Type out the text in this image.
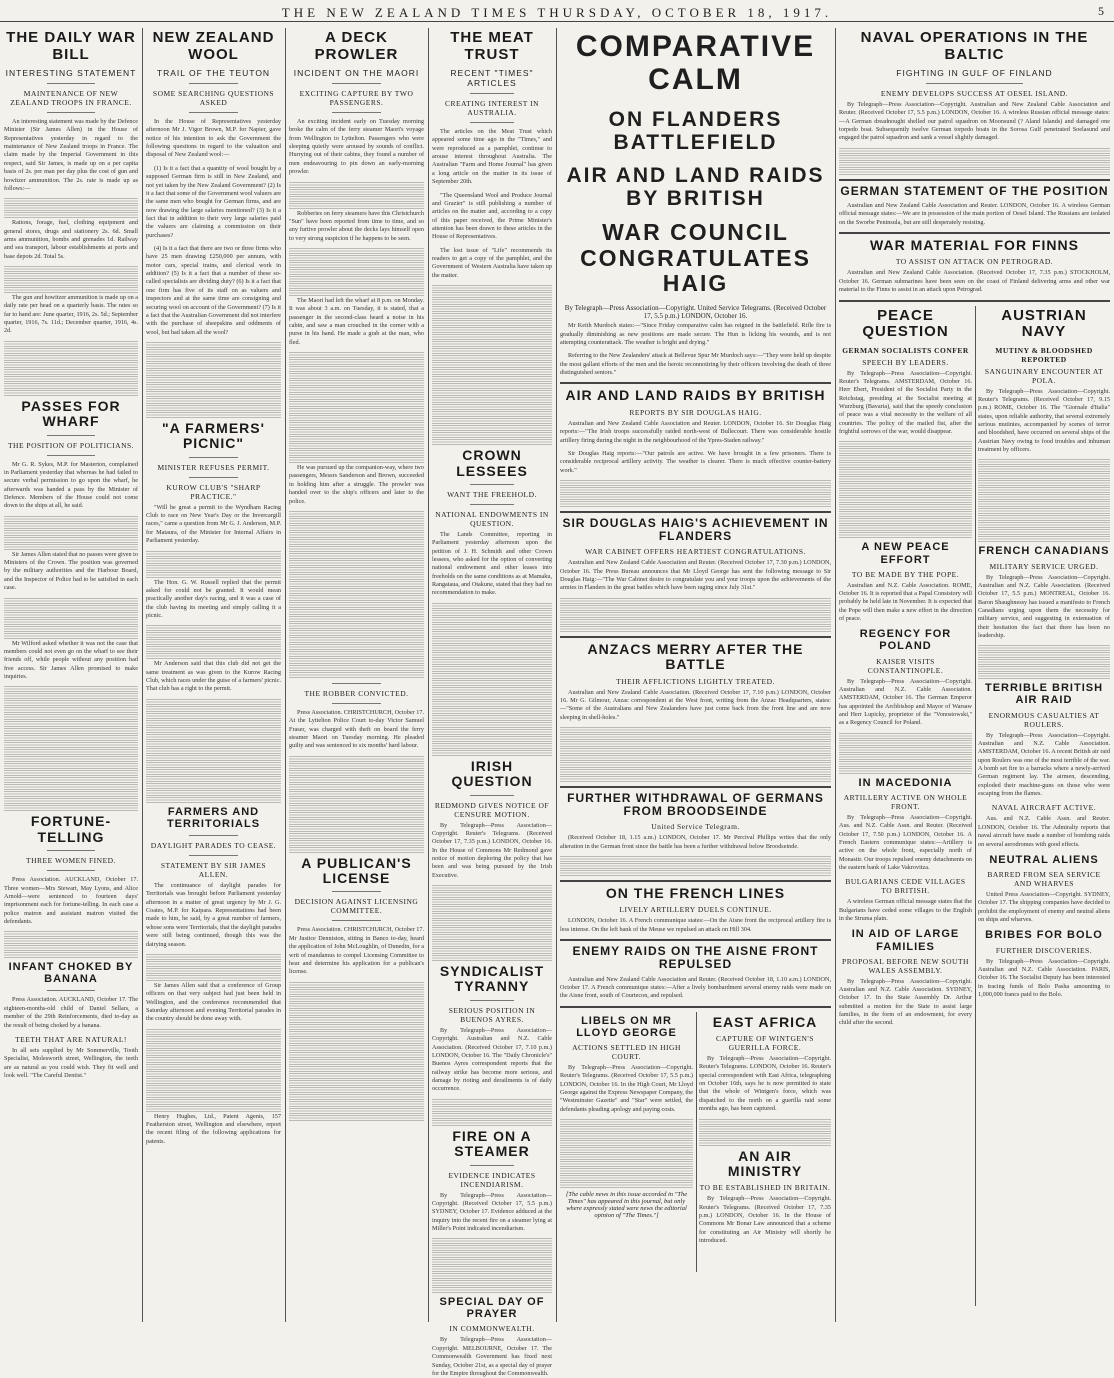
THE NEW ZEALAND TIMES THURSDAY, OCTOBER 18, 1917.	5
THE DAILY WAR BILL
INTERESTING STATEMENT
MAINTENANCE OF NEW ZEALAND TROOPS IN FRANCE.

An interesting statement was made by the Defence Minister (Sir James Allen) in the House of Representatives yesterday in regard to the maintenance of New Zealand troops in France. The claim made by the Imperial Government in this respect, said Sir James, is made up on a per capita basis of 2s. per man per day plus the cost of gun and howitzer ammunition. The 2s. rate is made up as follows:—

Rations, forage, fuel, clothing equipment and general stores, drugs and stationery 2s. 6d. Small arms ammunition, bombs and grenades 1d. Railway and sea transport, labour establishments at ports and base depots 2d. Total 5s.

The gun and howitzer ammunition is made up on a daily rate per head on a quarterly basis. The rates so far to hand are: June quarter, 1916, 2s. 5d.; September quarter, 1916, 7s. 11d.; December quarter, 1916, 4s. 2d.

PASSES FOR WHARF
THE POSITION OF POLITICIANS.

Mr G. R. Sykes, M.P. for Masterton, complained in Parliament yesterday that whereas he had failed to secure verbal permission to go upon the wharf, he afterwards was handed a pass by the Minister of Defence. Members of the House could not come down to the ships at all, he said.

Sir James Allen stated that no passes were given to Ministers of the Crown. The position was governed by the military authorities and the Harbour Board, and the Inspector of Police had to be satisfied in each case.

Mr Wilford asked whether it was not the case that members could not even go on the wharf to see their friends off, while people without any position had free access. Sir James Allen promised to make inquiries.

FORTUNE-TELLING
THREE WOMEN FINED.

Press Association. AUCKLAND, October 17. Three women—Mrs Stewart, May Lyons, and Alice Arnold—were sentenced to fourteen days' imprisonment each for fortune-telling. In each case a police matron and assistant matron visited the defendants.

INFANT CHOKED BY BANANA

Press Association. AUCKLAND, October 17. The eighteen-months-old child of Daniel Sellars, a member of the 29th Reinforcements, died to-day as the result of being choked by a banana.

TEETH THAT ARE NATURAL!

In all sets supplied by Mr Sommerville, Tooth Specialist, Molesworth street, Wellington, the teeth are as natural as you could wish. They fit well and look well. "The Careful Dentist."

NEW ZEALAND WOOL
TRAIL OF THE TEUTON
SOME SEARCHING QUESTIONS ASKED

In the House of Representatives yesterday afternoon Mr J. Vigor Brown, M.P. for Napier, gave notice of his intention to ask the Government the following questions in regard to the valuation and disposal of New Zealand wool:—

(1) Is it a fact that a quantity of wool bought by a supposed German firm is still in New Zealand, and not yet taken by the New Zealand Government? (2) Is it a fact that some of the Government wool valuers are the same men who bought for German firms, and are now drawing the large salaries mentioned? (3) Is it a fact that in addition to their very large salaries paid the valuers are claiming a commission on their purchases?

(4) Is it a fact that there are two or three firms who have 25 men drawing £250,000 per annum, with motor cars, special trains, and clerical work in addition? (5) Is it a fact that a number of these so-called specialists are dividing duty? (6) Is it a fact that one firm has five of its staff on as valuers and inspectors and at the same time are consigning and securing wool on account of the Government? (7) Is it a fact that the Australian Government did not interfere with the purchase of sheepskins and oddments of wool, but had taken all the wool?

"A FARMERS' PICNIC"
MINISTER REFUSES PERMIT.
KUROW CLUB'S "SHARP PRACTICE."

"Will be great a permit to the Wyndham Racing Club to race on New Year's Day or the Invercargill races," came a question from Mr G. J. Anderson, M.P. for Mataura, of the Minister for Internal Affairs in Parliament yesterday.

The Hon. G. W. Russell replied that the permit asked for could not be granted. It would mean practically another day's racing, and it was a case of the club having its meeting and simply calling it a picnic.

Mr Anderson said that this club did not get the same treatment as was given to the Kurow Racing Club, which races under the guise of a farmers' picnic. That club has a right to the permit.

FARMERS AND TERRITORIALS
DAYLIGHT PARADES TO CEASE.
STATEMENT BY SIR JAMES ALLEN.

The continuance of daylight parades for Territorials was brought before Parliament yesterday afternoon in a matter of great urgency by Mr J. G. Coates, M.P. for Kaipara. Representations had been made to him, he said, by a great number of farmers, whose sons were Territorials, that the daylight parades were still being continued, though this was the dairying season.

Sir James Allen said that a conference of Group officers on that very subject had just been held in Wellington, and the conference recommended that Saturday afternoon and evening Territorial parades in the country should be done away with.

Henry Hughes, Ltd., Patent Agents, 157 Featherston street, Wellington and elsewhere, report the recent filing of the following applications for patents.

A DECK PROWLER
INCIDENT ON THE MAORI
EXCITING CAPTURE BY TWO PASSENGERS.

An exciting incident early on Tuesday morning broke the calm of the ferry steamer Maori's voyage from Wellington to Lyttelton. Passengers who were sleeping quietly were aroused by sounds of conflict. Hurrying out of their cabins, they found a number of men endeavouring to pin down an early-morning prowler.

Robberies on ferry steamers have this Christchurch "Sun" have been reported from time to time, and so any furtive prowler about the decks lays himself open to very strong suspicion if he happens to be seen.

The Maori had left the wharf at 8 p.m. on Monday. It was about 3 a.m. on Tuesday, it is stated, that a passenger in the second-class heard a noise in his cabin, and saw a man crouched in the corner with a purse in his hand. He made a grab at the man, who fled.

He was pursued up the companion-way, where two passengers, Messrs Sanderson and Brown, succeeded in holding him after a struggle. The prowler was handed over to the ship's officers and later to the police.

THE ROBBER CONVICTED.

Press Association. CHRISTCHURCH, October 17. At the Lyttelton Police Court to-day Victor Samuel Fraser, was charged with theft on board the ferry steamer Maori on Tuesday morning. He pleaded guilty and was sentenced to six months' hard labour.

A PUBLICAN'S LICENSE
DECISION AGAINST LICENSING COMMITTEE.

Press Association. CHRISTCHURCH, October 17. Mr Justice Denniston, sitting in Banco to-day, heard the application of John McLoughlin, of Dunedin, for a writ of mandamus to compel Licensing Committee to hear and determine his application for a publican's license.

THE MEAT TRUST
RECENT "TIMES" ARTICLES
CREATING INTEREST IN AUSTRALIA.

The articles on the Meat Trust which appeared some time ago in the "Times," and were reproduced as a pamphlet, continue to arouse interest throughout Australia. The Australian "Farm and Home Journal" has given a long article on the matter in its issue of September 20th.

"The Queensland Wool and Produce Journal and Grazier" is still publishing a number of articles on the matter and, according to a copy of this paper received, the Prime Minister's attention has been drawn to these articles in the House of Representatives.

The lost issue of "Life" recommends its readers to get a copy of the pamphlet, and the Government of Western Australia have taken up the matter.

CROWN LESSEES
WANT THE FREEHOLD.
NATIONAL ENDOWMENTS IN QUESTION.

The Lands Committee, reporting in Parliament yesterday afternoon upon the petition of J. H. Schmidt and other Crown lessees, who asked for the option of converting national endowment and other leases into freeholds on the same conditions as at Mamaku, Rangataua, and Otakune, stated that they had no recommendation to make.

IRISH QUESTION
REDMOND GIVES NOTICE OF CENSURE MOTION.

By Telegraph—Press Association—Copyright. Reuter's Telegrams. (Received October 17, 7.35 p.m.) LONDON, October 16. In the House of Commons Mr Redmond gave notice of motion deploring the policy that has been and was being pursued by the Irish Executive.

SYNDICALIST TYRANNY
SERIOUS POSITION IN BUENOS AYRES.

By Telegraph—Press Association—Copyright. Australian and N.Z. Cable Association. (Received October 17, 7.10 p.m.) LONDON, October 16. The "Daily Chronicle's" Buenos Ayres correspondent reports that the railway strike has become more serious, and damage by rioting and derailments is of daily occurrence.

FIRE ON A STEAMER
EVIDENCE INDICATES INCENDIARISM.

By Telegraph—Press Association—Copyright. (Received October 17, 5.5 p.m.) SYDNEY, October 17. Evidence adduced at the inquiry into the recent fire on a steamer lying at Miller's Point indicated incendiarism.

SPECIAL DAY OF PRAYER
IN COMMONWEALTH.

By Telegraph—Press Association—Copyright. MELBOURNE, October 17. The Commonwealth Government has fixed next Sunday, October 21st, as a special day of prayer for the Empire throughout the Commonwealth.

COMPARATIVE CALM
ON FLANDERS BATTLEFIELD
AIR AND LAND RAIDS BY BRITISH
WAR COUNCIL CONGRATULATES HAIG
By Telegraph—Press Association—Copyright. United Service Telegrams. (Received October 17, 5.5 p.m.) LONDON, October 16.

Mr Keith Murdoch states:—"Since Friday comparative calm has reigned in the battlefield. Rifle fire is gradually diminishing as new positions are made secure. The Hun is licking his wounds, and is not attempting counterattack. The weather is bright and drying."

Referring to the New Zealanders' attack at Bellevue Spur Mr Murdoch says:—"They were held up despite the most gallant efforts of the men and the heroic reconnoitring by their officers involving the death of three distinguished seniors."

AIR AND LAND RAIDS BY BRITISH
REPORTS BY SIR DOUGLAS HAIG.

Australian and New Zealand Cable Association and Reuter. LONDON, October 16. Sir Douglas Haig reports:—"The Irish troops successfully raided north-west of Bullecourt. There was considerable hostile artillery firing during the night in the neighbourhood of the Ypres-Staden railway."

Sir Douglas Haig reports:—"Our patrols are active. We have brought in a few prisoners. There is considerable reciprocal artillery activity. The weather is clearer. There is much effective counter-battery work."

SIR DOUGLAS HAIG'S ACHIEVEMENT IN FLANDERS
WAR CABINET OFFERS HEARTIEST CONGRATULATIONS.

Australian and New Zealand Cable Association and Reuter. (Received October 17, 7.30 p.m.) LONDON, October 16. The Press Bureau announces that Mr Lloyd George has sent the following message to Sir Douglas Haig:—"The War Cabinet desire to congratulate you and your troops upon the achievements of the armies in Flanders in the great battles which have been raging since July 31st."

ANZACS MERRY AFTER THE BATTLE
THEIR AFFLICTIONS LIGHTLY TREATED.

Australian and New Zealand Cable Association. (Received October 17, 7.10 p.m.) LONDON, October 16. Mr G. Gilmour, Anzac correspondent at the West front, writing from the Anzac Headquarters, states:—"Some of the Australians and New Zealanders have just come back from the front line and are now sleeping in shell-holes."

FURTHER WITHDRAWAL OF GERMANS FROM BROODSEINDE
United Service Telegram.

(Received October 18, 1.15 a.m.) LONDON, October 17. Mr Percival Phillips writes that the only alteration in the German front since the battle has been a further withdrawal below Broodseinde.

ON THE FRENCH LINES
LIVELY ARTILLERY DUELS CONTINUE.

LONDON, October 16. A French communique states:—On the Aisne front the reciprocal artillery fire is less intense. On the left bank of the Meuse we repulsed an attack on Hill 304.

ENEMY RAIDS ON THE AISNE FRONT REPULSED

Australian and New Zealand Cable Association and Reuter. (Received October 18, 1.10 a.m.) LONDON, October 17. A French communique states:—After a lively bombardment several enemy raids were made on the Aisne front, south of Courtecon, and repulsed.

LIBELS ON MR LLOYD GEORGE
ACTIONS SETTLED IN HIGH COURT.

By Telegraph—Press Association—Copyright. Reuter's Telegrams. (Received October 17, 5.5 p.m.) LONDON, October 16. In the High Court, Mr Lloyd George against the Express Newspaper Company, the "Westminster Gazette" and "Star" were settled, the defendants pleading apology and paying costs.

[The cable news in this issue accorded in "The Times" has appeared in this journal, but only where expressly stated were news the editorial opinion of "The Times."]

EAST AFRICA
CAPTURE OF WINTGEN'S GUERILLA FORCE.

By Telegraph—Press Association—Copyright. Reuter's Telegrams. LONDON, October 16. Reuter's special correspondent with East Africa, telegraphing on October 16th, says he is now permitted to state that the whole of Wintgen's force, which was dispatched to the north on a guerilla raid some months ago, has been captured.

AN AIR MINISTRY
TO BE ESTABLISHED IN BRITAIN.

By Telegraph—Press Association—Copyright. Reuter's Telegrams. (Received October 17, 7.35 p.m.) LONDON, October 16. In the House of Commons Mr Bonar Law announced that a scheme for constituting an Air Ministry will shortly be introduced.

NAVAL OPERATIONS IN THE BALTIC
FIGHTING IN GULF OF FINLAND
ENEMY DEVELOPS SUCCESS AT OESEL ISLAND.

By Telegraph—Press Association—Copyright. Australian and New Zealand Cable Association and Reuter. (Received October 17, 5.5 p.m.) LONDON, October 16. A wireless Russian official message states:—A German dreadnought shelled our patrol squadron on Moonsund (? Aland Islands) and damaged one torpedo boat. Subsequently twelve German torpedo boats in the Sorosa Gulf penetrated Soelasund and engaged the patrol squadron and sank a vessel slightly damaged.

GERMAN STATEMENT OF THE POSITION

Australian and New Zealand Cable Association and Reuter. LONDON, October 16. A wireless German official message states:—We are in possession of the main portion of Oesel Island. The Russians are isolated on the Sworbe Peninsula, but are still desperately resisting.

WAR MATERIAL FOR FINNS
TO ASSIST ON ATTACK ON PETROGRAD.

Australian and New Zealand Cable Association. (Received October 17, 7.35 p.m.) STOCKHOLM, October 16. German submarines have been seen on the coast of Finland delivering arms and other war material to the Finns to assist in an attack upon Petrograd.

PEACE QUESTION
GERMAN SOCIALISTS CONFER
SPEECH BY LEADERS.

By Telegraph—Press Association—Copyright. Reuter's Telegrams. AMSTERDAM, October 16. Herr Ebert, President of the Socialist Party in the Reichstag, presiding at the Socialist meeting at Wurzburg (Bavaria), said that the speedy conclusion of peace was a vital necessity to the welfare of all countries. The policy of the mailed fist, after the frightful sorrows of the war, would disappear.

A NEW PEACE EFFORT
TO BE MADE BY THE POPE.

Australian and N.Z. Cable Association. ROME, October 16. It is reported that a Papal Consistory will probably be held late in November. It is expected that the Pope will then make a new effort in the direction of peace.

REGENCY FOR POLAND
KAISER VISITS CONSTANTINOPLE.

By Telegraph—Press Association—Copyright. Australian and N.Z. Cable Association. AMSTERDAM, October 16. The German Emperor has appointed the Archbishop and Mayor of Warsaw and Herr Lupicky, proprietor of the "Vonostowski," as a Regency Council for Poland.

IN MACEDONIA
ARTILLERY ACTIVE ON WHOLE FRONT.

By Telegraph—Press Association—Copyright. Aus. and N.Z. Cable Assn. and Reuter. (Received October 17, 7.50 p.m.) LONDON, October 16. A French Eastern communique states:—Artillery is active on the whole front, especially north of Monastir. Our troops repulsed enemy detachments on the eastern bank of Lake Vakrovitza.

BULGARIANS CEDE VILLAGES TO BRITISH.

A wireless German official message states that the Bulgarians have ceded some villages to the English in the Struma plain.

IN AID OF LARGE FAMILIES
PROPOSAL BEFORE NEW SOUTH WALES ASSEMBLY.

By Telegraph—Press Association—Copyright. Australian and N.Z. Cable Association. SYDNEY, October 17. In the State Assembly Dr. Arthur submitted a motion for the State to assist large families, in the form of an endowment, for every child after the second.

AUSTRIAN NAVY
MUTINY & BLOODSHED REPORTED
SANGUINARY ENCOUNTER AT POLA.

By Telegraph—Press Association—Copyright. Reuter's Telegrams. (Received October 17, 9.15 p.m.) ROME, October 16. The "Giornale d'Italia" states, upon reliable authority, that several extremely serious mutinies, accompanied by scenes of terror and bloodshed, have occurred on several ships of the Austrian Navy owing to food troubles and inhuman treatment by officers.

FRENCH CANADIANS
MILITARY SERVICE URGED.

By Telegraph—Press Association—Copyright. Australian and N.Z. Cable Association. (Received October 17, 5.5 p.m.) MONTREAL, October 16. Baron Shaughnessy has issued a manifesto to French Canadians urging upon them the necessity for military service, and suggesting in extenuation of their hesitation the fact that there has been no leadership.

TERRIBLE BRITISH AIR RAID
ENORMOUS CASUALTIES AT ROULERS.

By Telegraph—Press Association—Copyright. Australian and N.Z. Cable Association. AMSTERDAM, October 16. A recent British air raid upon Roulers was one of the most terrible of the war. A bomb set fire to a barracks where a newly-arrived German regiment lay. The airmen, descending, exploded their machine-guns on those who were escaping from the flames.

NAVAL AIRCRAFT ACTIVE.

Aus. and N.Z. Cable Assn. and Reuter. LONDON, October 16. The Admiralty reports that naval aircraft have made a number of bombing raids on several aerodromes with good effects.

NEUTRAL ALIENS
BARRED FROM SEA SERVICE AND WHARVES

United Press Association—Copyright. SYDNEY, October 17. The shipping companies have decided to prohibit the employment of enemy and neutral aliens on ships and wharves.

BRIBES FOR BOLO
FURTHER DISCOVERIES.

By Telegraph—Press Association—Copyright. Australian and N.Z. Cable Association. PARIS, October 16. The Socialist Deputy has been interested in tracing funds of Bolo Pasha amounting to 1,000,000 francs paid to the Bolo.
